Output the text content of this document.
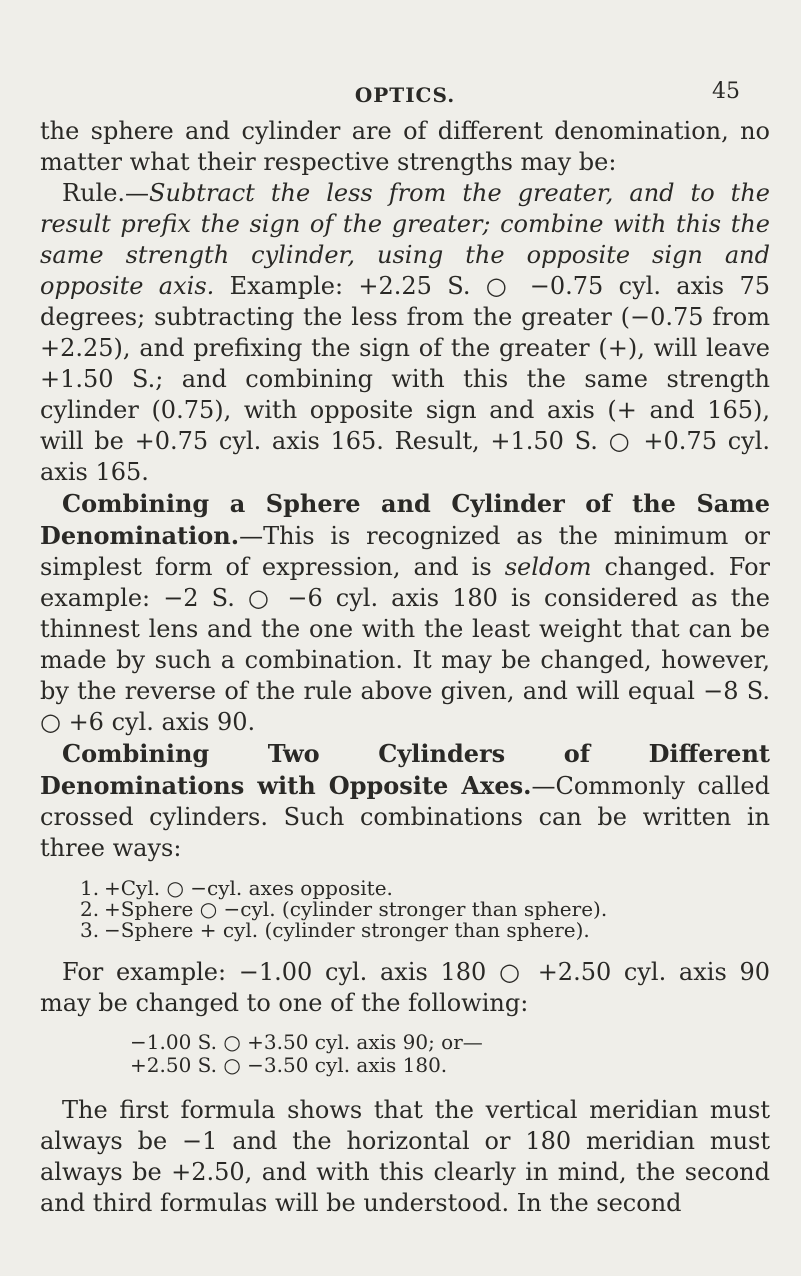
OPTICS.	45

the sphere and cylinder are of different denomination, no matter what their respective strengths may be:

Rule.—Subtract the less from the greater, and to the result prefix the sign of the greater; combine with this the same strength cylinder, using the opposite sign and opposite axis. Example: +2.25 S. ○ −0.75 cyl. axis 75 degrees; subtracting the less from the greater (−0.75 from +2.25), and prefixing the sign of the greater (+), will leave +1.50 S.; and combining with this the same strength cylinder (0.75), with opposite sign and axis (+ and 165), will be +0.75 cyl. axis 165. Result, +1.50 S. ○ +0.75 cyl. axis 165.

Combining a Sphere and Cylinder of the Same Denomination.—This is recognized as the minimum or simplest form of expression, and is seldom changed. For example: −2 S. ○ −6 cyl. axis 180 is considered as the thinnest lens and the one with the least weight that can be made by such a combination. It may be changed, however, by the reverse of the rule above given, and will equal −8 S. ○ +6 cyl. axis 90.

Combining Two Cylinders of Different Denominations with Opposite Axes.—Commonly called crossed cylinders. Such combinations can be written in three ways:

1. +Cyl. ○ −cyl. axes opposite.
2. +Sphere ○ −cyl. (cylinder stronger than sphere).
3. −Sphere + cyl. (cylinder stronger than sphere).

For example: −1.00 cyl. axis 180 ○ +2.50 cyl. axis 90 may be changed to one of the following:

−1.00 S. ○ +3.50 cyl. axis 90; or—
+2.50 S. ○ −3.50 cyl. axis 180.

The first formula shows that the vertical meridian must always be −1 and the horizontal or 180 meridian must always be +2.50, and with this clearly in mind, the second and third formulas will be understood. In the second
